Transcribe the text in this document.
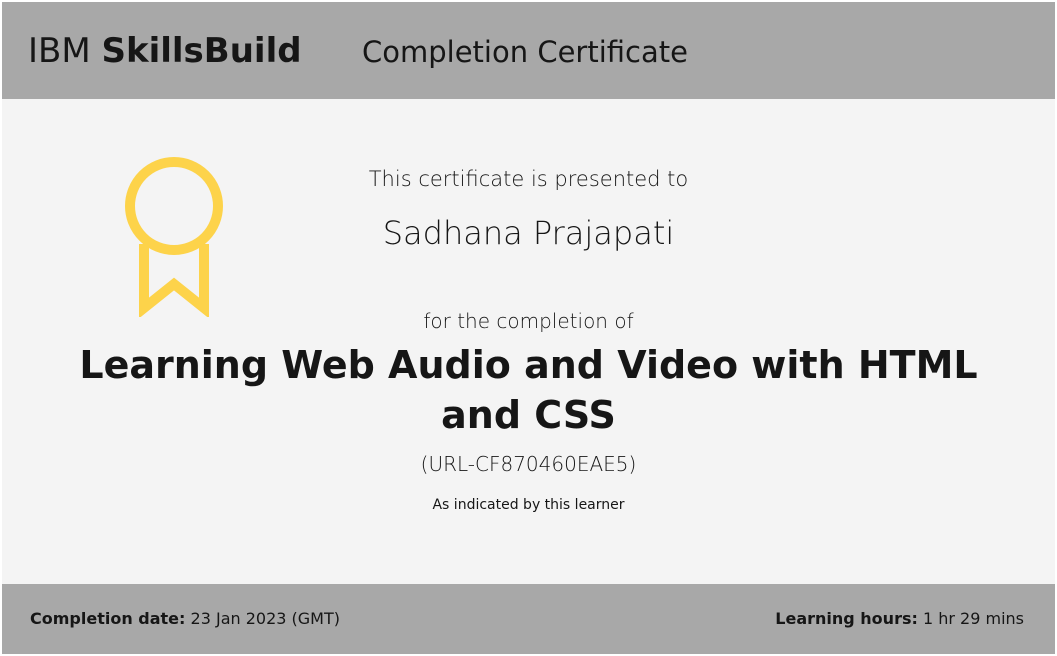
IBM SkillsBuild Completion Certificate
This certificate is presented to
Sadhana Prajapati
for the completion of
Learning Web Audio and Video with HTML and CSS
(URL-CF870460EAE5)
As indicated by this learner
Completion date: 23 Jan 2023 (GMT)	Learning hours: 1 hr 29 mins
